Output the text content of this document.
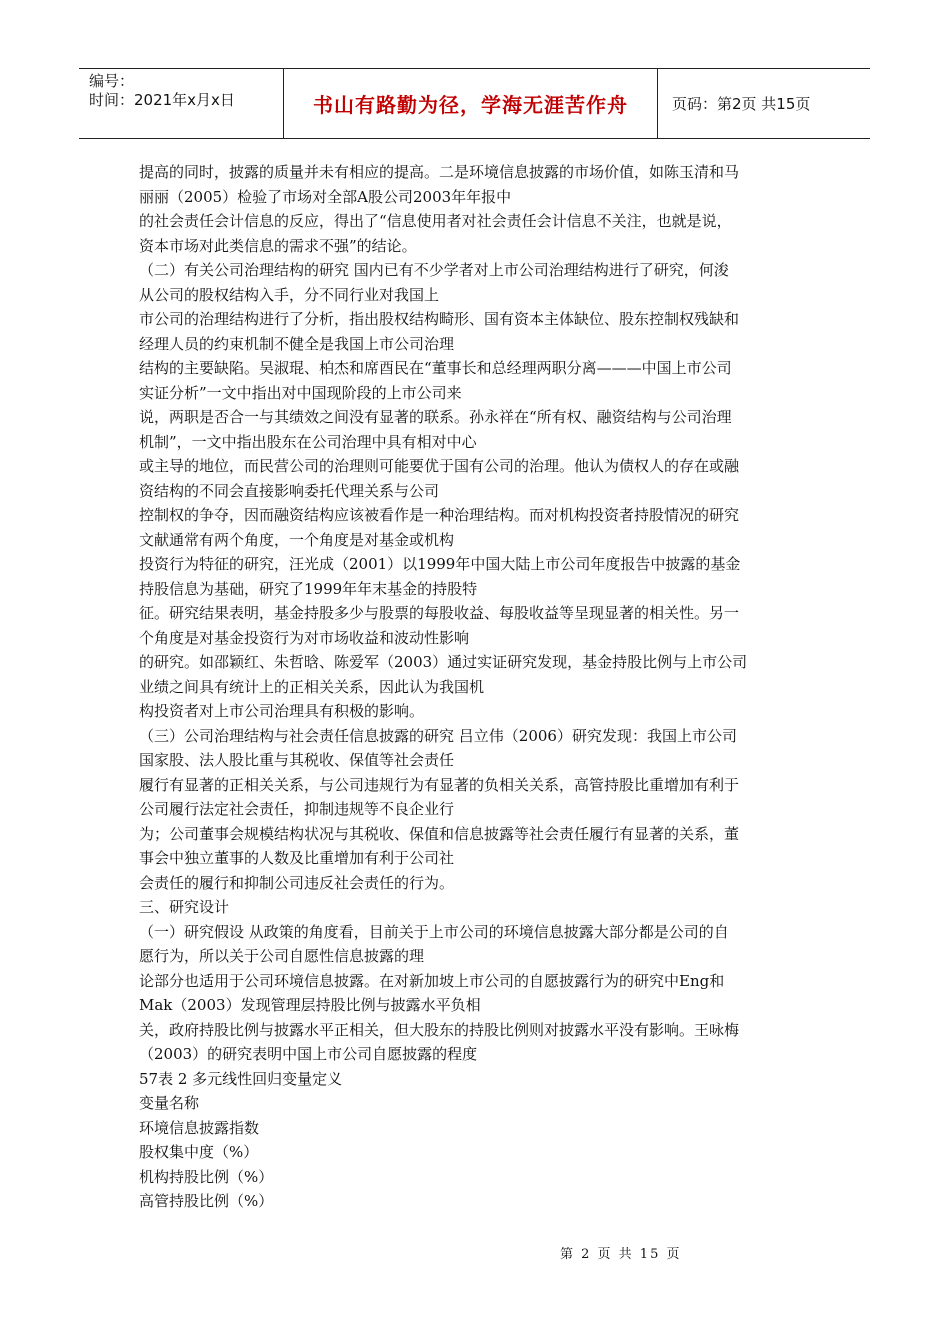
编号：
时间：2021年x月x日	书山有路勤为径，学海无涯苦作舟	页码：第2页 共15页

提高的同时，披露的质量并未有相应的提高。二是环境信息披露的市场价值，如陈玉清和马

丽丽（2005）检验了市场对全部A股公司2003年年报中

的社会责任会计信息的反应，得出了“信息使用者对社会责任会计信息不关注，也就是说，

资本市场对此类信息的需求不强”的结论。

（二）有关公司治理结构的研究 国内已有不少学者对上市公司治理结构进行了研究，何浚

从公司的股权结构入手，分不同行业对我国上

市公司的治理结构进行了分析，指出股权结构畸形、国有资本主体缺位、股东控制权残缺和

经理人员的约束机制不健全是我国上市公司治理

结构的主要缺陷。吴淑琨、柏杰和席酉民在“董事长和总经理两职分离———中国上市公司

实证分析”一文中指出对中国现阶段的上市公司来

说，两职是否合一与其绩效之间没有显著的联系。孙永祥在“所有权、融资结构与公司治理

机制”，一文中指出股东在公司治理中具有相对中心

或主导的地位，而民营公司的治理则可能要优于国有公司的治理。他认为债权人的存在或融

资结构的不同会直接影响委托代理关系与公司

控制权的争夺，因而融资结构应该被看作是一种治理结构。而对机构投资者持股情况的研究

文献通常有两个角度，一个角度是对基金或机构

投资行为特征的研究，汪光成（2001）以1999年中国大陆上市公司年度报告中披露的基金

持股信息为基础，研究了1999年年末基金的持股特

征。研究结果表明，基金持股多少与股票的每股收益、每股收益等呈现显著的相关性。另一

个角度是对基金投资行为对市场收益和波动性影响

的研究。如邵颖红、朱哲晗、陈爱军（2003）通过实证研究发现，基金持股比例与上市公司

业绩之间具有统计上的正相关关系，因此认为我国机

构投资者对上市公司治理具有积极的影响。

（三）公司治理结构与社会责任信息披露的研究 吕立伟（2006）研究发现：我国上市公司

国家股、法人股比重与其税收、保值等社会责任

履行有显著的正相关关系，与公司违规行为有显著的负相关关系，高管持股比重增加有利于

公司履行法定社会责任，抑制违规等不良企业行

为；公司董事会规模结构状况与其税收、保值和信息披露等社会责任履行有显著的关系，董

事会中独立董事的人数及比重增加有利于公司社

会责任的履行和抑制公司违反社会责任的行为。

三、研究设计

（一）研究假设 从政策的角度看，目前关于上市公司的环境信息披露大部分都是公司的自

愿行为，所以关于公司自愿性信息披露的理

论部分也适用于公司环境信息披露。在对新加坡上市公司的自愿披露行为的研究中Eng和

Mak（2003）发现管理层持股比例与披露水平负相

关，政府持股比例与披露水平正相关，但大股东的持股比例则对披露水平没有影响。王咏梅

（2003）的研究表明中国上市公司自愿披露的程度

57表 2 多元线性回归变量定义

变量名称

环境信息披露指数

股权集中度（%）

机构持股比例（%）

高管持股比例（%）

第 2 页 共 15 页
